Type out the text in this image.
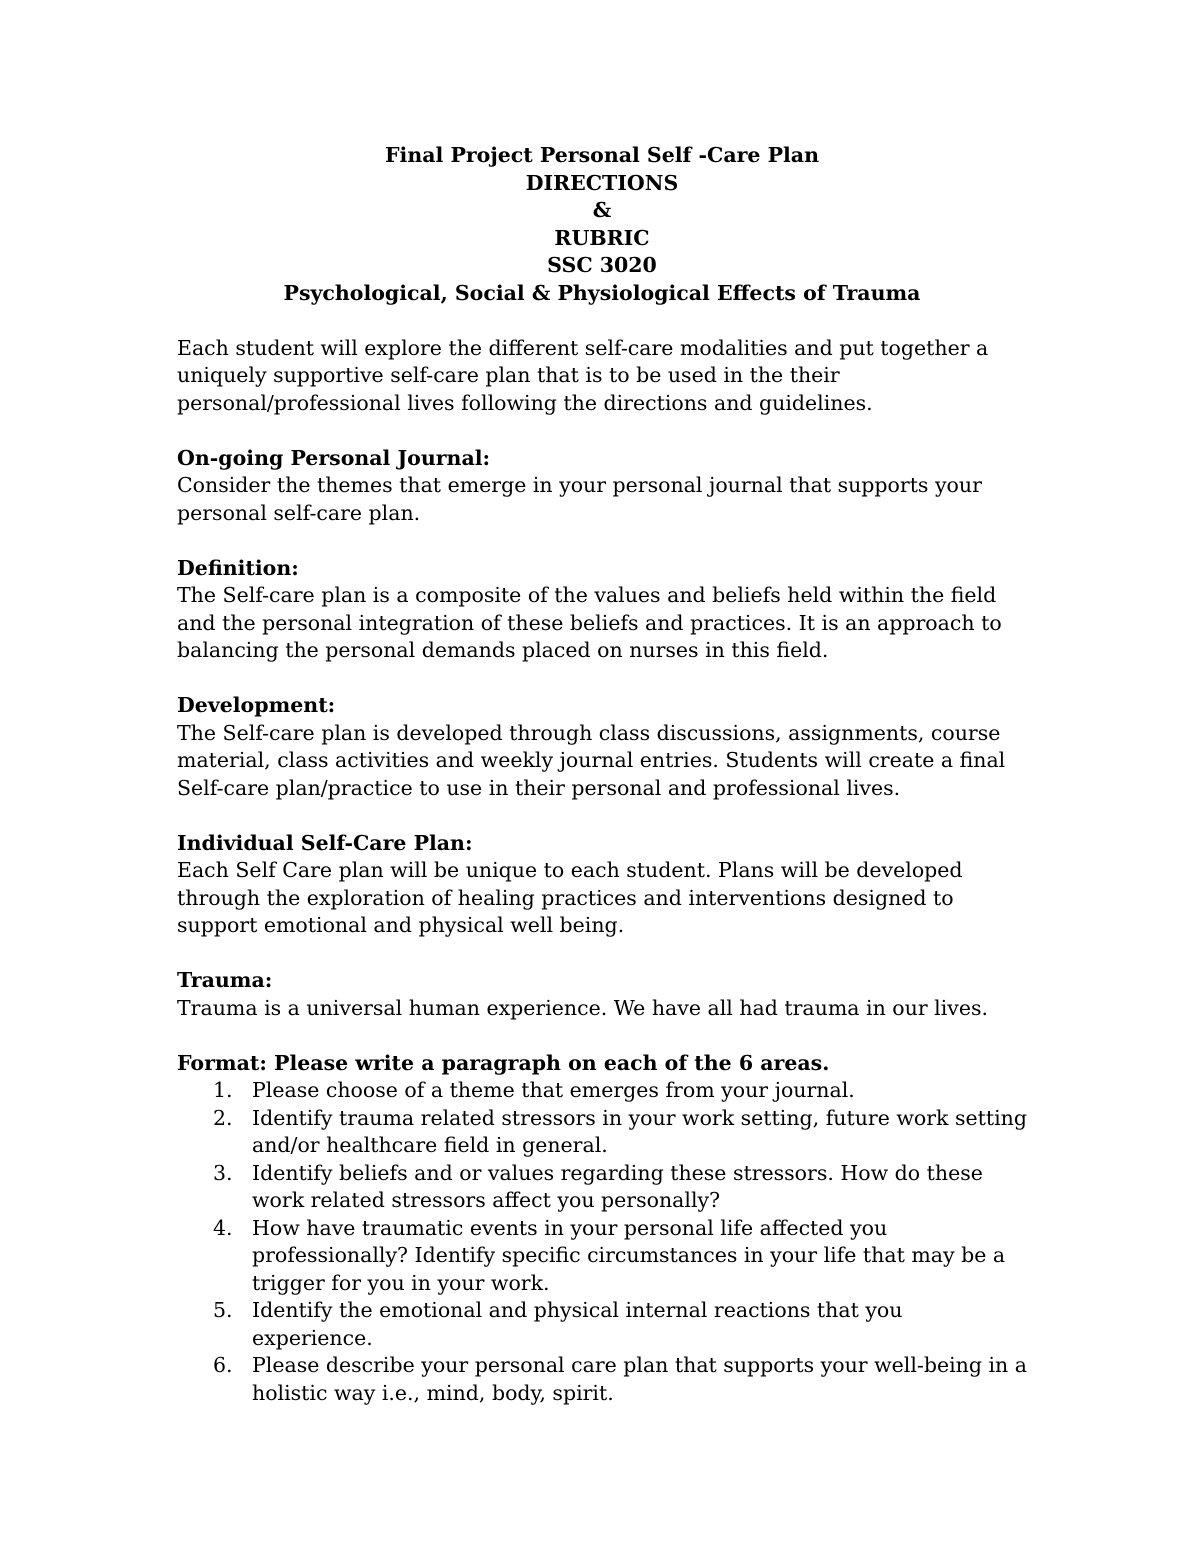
Final Project Personal Self -Care Plan
DIRECTIONS
&
RUBRIC
SSC 3020
Psychological, Social & Physiological Effects of Trauma

Each student will explore the different self-care modalities and put together a uniquely supportive self-care plan that is to be used in the their personal/professional lives following the directions and guidelines.

On-going Personal Journal:

Consider the themes that emerge in your personal journal that supports your personal self-care plan.

Definition:

The Self-care plan is a composite of the values and beliefs held within the field and the personal integration of these beliefs and practices. It is an approach to balancing the personal demands placed on nurses in this field.

Development:

The Self-care plan is developed through class discussions, assignments, course material, class activities and weekly journal entries. Students will create a final Self-care plan/practice to use in their personal and professional lives.

Individual Self-Care Plan:

Each Self Care plan will be unique to each student. Plans will be developed through the exploration of healing practices and interventions designed to support emotional and physical well being.

Trauma:

Trauma is a universal human experience. We have all had trauma in our lives.

Format: Please write a paragraph on each of the 6 areas.

1. Please choose of a theme that emerges from your journal.
2. Identify trauma related stressors in your work setting, future work setting and/or healthcare field in general.
3. Identify beliefs and or values regarding these stressors. How do these work related stressors affect you personally?
4. How have traumatic events in your personal life affected you professionally? Identify specific circumstances in your life that may be a trigger for you in your work.
5. Identify the emotional and physical internal reactions that you experience.
6. Please describe your personal care plan that supports your well-being in a holistic way i.e., mind, body, spirit.
